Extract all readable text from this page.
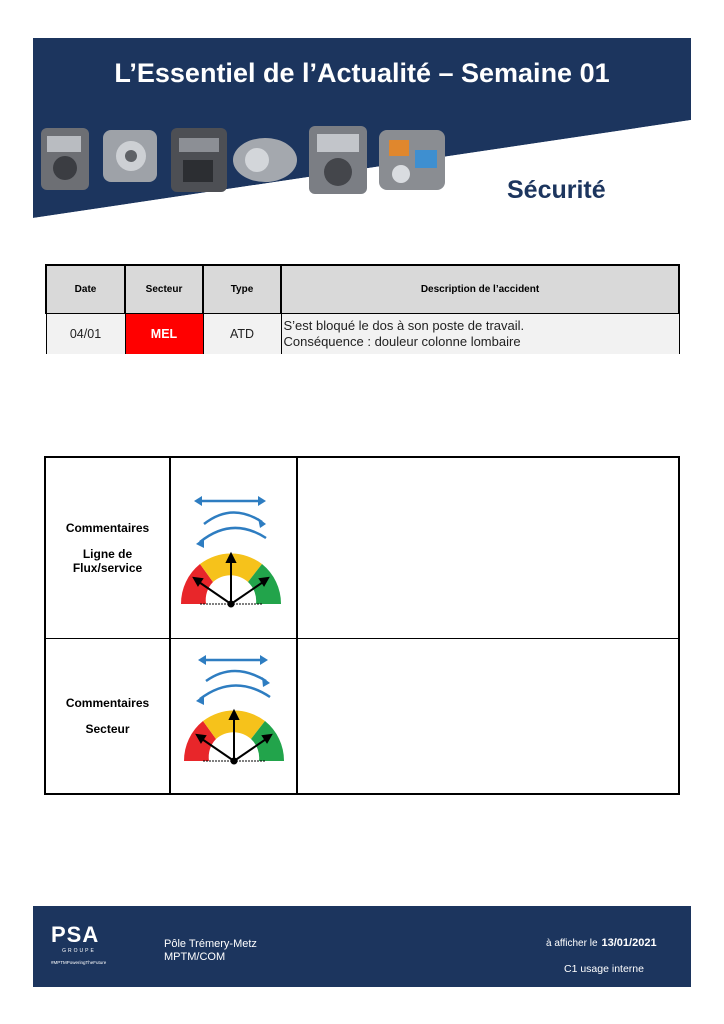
L’Essentiel de l’Actualité – Semaine 01
Sécurité
Date	Secteur	Type	Description de l’accident
04/01	MEL	ATD	S’est bloqué le dos à son poste de travail.
Conséquence : douleur colonne lombaire
Commentaires
Ligne de
Flux/service
Commentaires
Secteur
PSA
GROUPE
#MPTMPoweringTheFuture
Pôle Trémery-Metz
MPTM/COM
à afficher le 13/01/2021
C1 usage interne
